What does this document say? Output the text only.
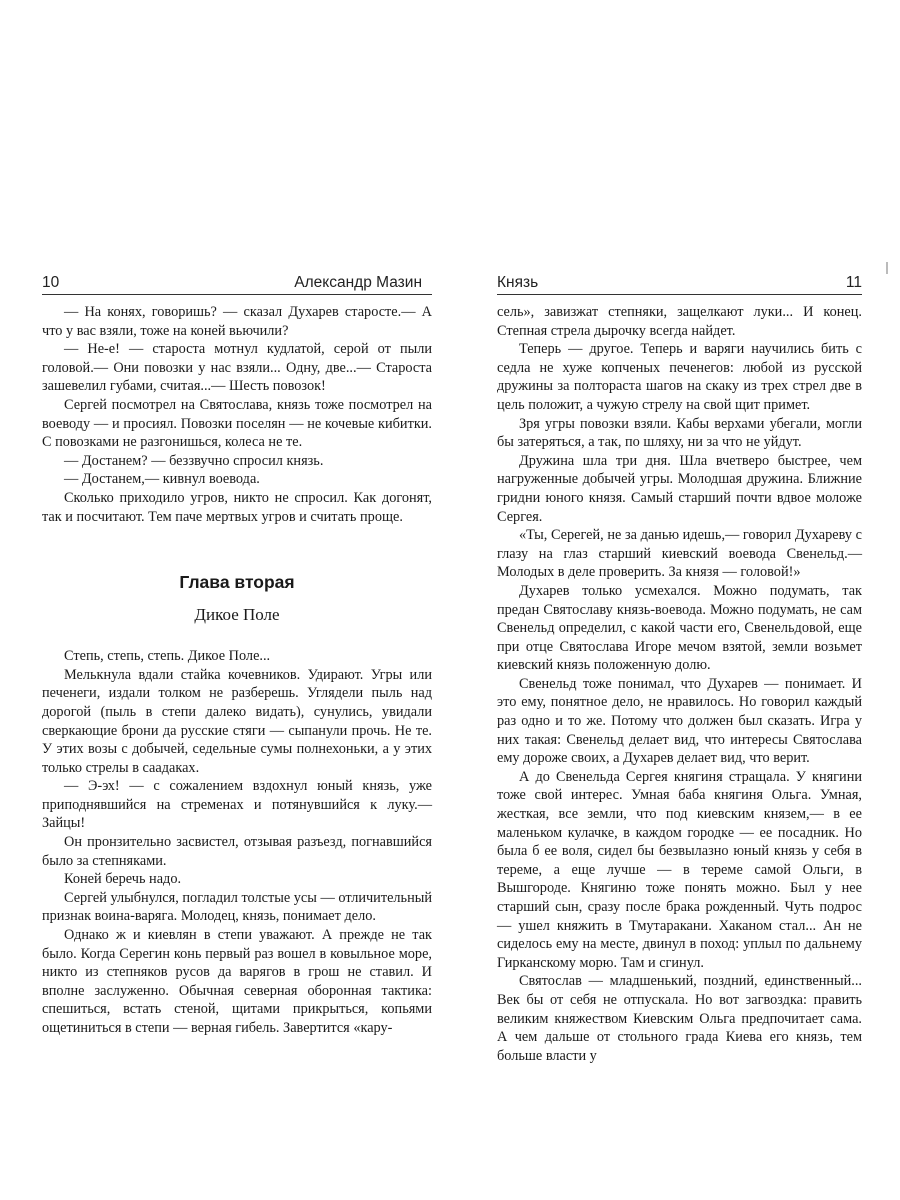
10	Александр Мазин

— На конях, говоришь? — сказал Духарев старосте.— А что у вас взяли, тоже на коней вьючили?

— Не-е! — староста мотнул кудлатой, серой от пыли головой.— Они повозки у нас взяли... Одну, две...— Староста зашевелил губами, считая...— Шесть повозок!

Сергей посмотрел на Святослава, князь тоже посмотрел на воеводу — и просиял. Повозки поселян — не кочевые кибитки. С повозками не разгонишься, колеса не те.

— Достанем? — беззвучно спросил князь.

— Достанем,— кивнул воевода.

Сколько приходило угров, никто не спросил. Как догонят, так и посчитают. Тем паче мертвых угров и считать проще.

Глава вторая
Дикое Поле

Степь, степь, степь. Дикое Поле...

Мелькнула вдали стайка кочевников. Удирают. Угры или печенеги, издали толком не разберешь. Углядели пыль над дорогой (пыль в степи далеко видать), сунулись, увидали сверкающие брони да русские стяги — сыпанули прочь. Не те. У этих возы с добычей, седельные сумы полнехоньки, а у этих только стрелы в саадаках.

— Э-эх! — с сожалением вздохнул юный князь, уже приподнявшийся на стременах и потянувшийся к луку.— Зайцы!

Он пронзительно засвистел, отзывая разъезд, погнавшийся было за степняками.

Коней беречь надо.

Сергей улыбнулся, погладил толстые усы — отличительный признак воина-варяга. Молодец, князь, понимает дело.

Однако ж и киевлян в степи уважают. А прежде не так было. Когда Серегин конь первый раз вошел в ковыльное море, никто из степняков русов да варягов в грош не ставил. И вполне заслуженно. Обычная северная оборонная тактика: спешиться, встать стеной, щитами прикрыться, копьями ощетиниться в степи — верная гибель. Завертится «кару-

Князь	11

сель», завизжат степняки, защелкают луки... И конец. Степная стрела дырочку всегда найдет.

Теперь — другое. Теперь и варяги научились бить с седла не хуже копченых печенегов: любой из русской дружины за полтораста шагов на скаку из трех стрел две в цель положит, а чужую стрелу на свой щит примет.

Зря угры повозки взяли. Кабы верхами убегали, могли бы затеряться, а так, по шляху, ни за что не уйдут.

Дружина шла три дня. Шла вчетверо быстрее, чем нагруженные добычей угры. Молодшая дружина. Ближние гридни юного князя. Самый старший почти вдвое моложе Сергея.

«Ты, Серегей, не за данью идешь,— говорил Духареву с глазу на глаз старший киевский воевода Свенельд.— Молодых в деле проверить. За князя — головой!»

Духарев только усмехался. Можно подумать, так предан Святославу князь-воевода. Можно подумать, не сам Свенельд определил, с какой части его, Свенельдовой, еще при отце Святослава Игоре мечом взятой, земли возьмет киевский князь положенную долю.

Свенельд тоже понимал, что Духарев — понимает. И это ему, понятное дело, не нравилось. Но говорил каждый раз одно и то же. Потому что должен был сказать. Игра у них такая: Свенельд делает вид, что интересы Святослава ему дороже своих, а Духарев делает вид, что верит.

А до Свенельда Сергея княгиня стращала. У княгини тоже свой интерес. Умная баба княгиня Ольга. Умная, жесткая, все земли, что под киевским князем,— в ее маленьком кулачке, в каждом городке — ее посадник. Но была б ее воля, сидел бы безвылазно юный князь у себя в тереме, а еще лучше — в тереме самой Ольги, в Вышгороде. Княгиню тоже понять можно. Был у нее старший сын, сразу после брака рожденный. Чуть подрос — ушел княжить в Тмутаракани. Хаканом стал... Ан не сиделось ему на месте, двинул в поход: уплыл по дальнему Гирканскому морю. Там и сгинул.

Святослав — младшенький, поздний, единственный... Век бы от себя не отпускала. Но вот загвоздка: править великим княжеством Киевским Ольга предпочитает сама. А чем дальше от стольного града Киева его князь, тем больше власти у
